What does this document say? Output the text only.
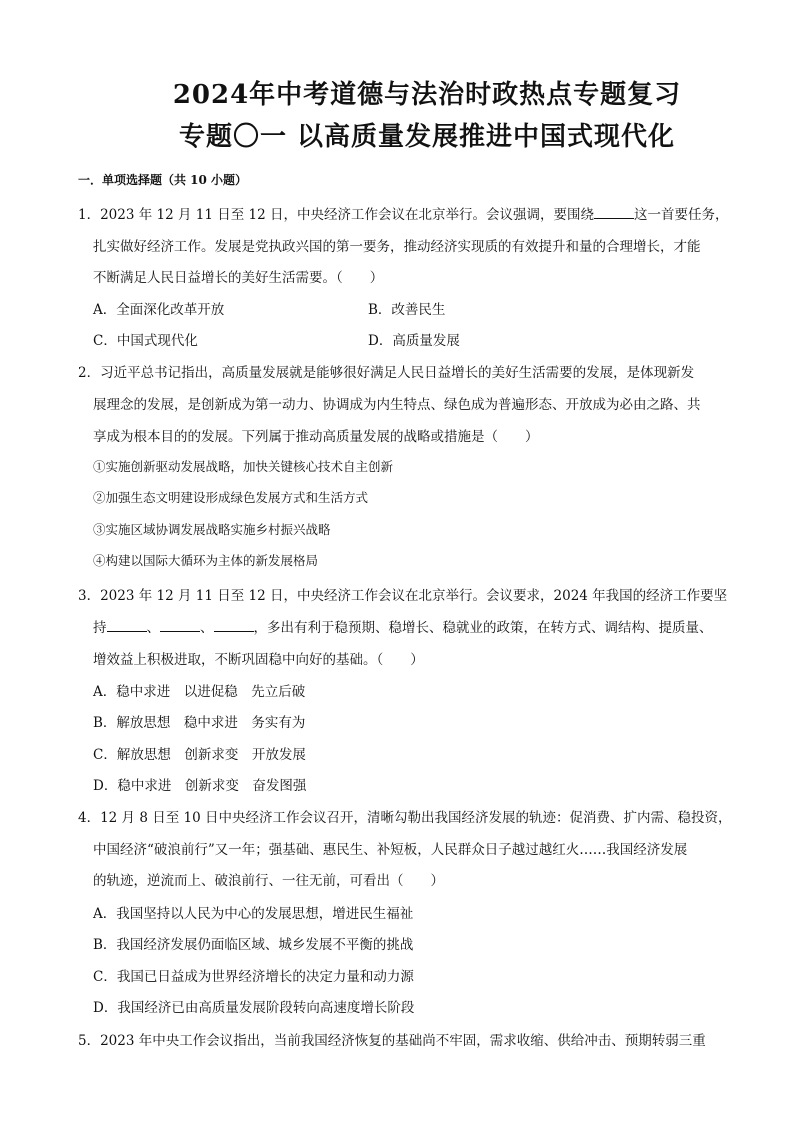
2024年中考道德与法治时政热点专题复习
专题〇一 以高质量发展推进中国式现代化
一．单项选择题（共 10 小题）
1．2023 年 12 月 11 日至 12 日，中央经济工作会议在北京举行。会议强调，要围绕	这一首要任务，
扎实做好经济工作。发展是党执政兴国的第一要务，推动经济实现质的有效提升和量的合理增长，才能
不断满足人民日益增长的美好生活需要。（　　）
A．全面深化改革开放	B．改善民生
C．中国式现代化	D．高质量发展
2．习近平总书记指出，高质量发展就是能够很好满足人民日益增长的美好生活需要的发展，是体现新发
展理念的发展，是创新成为第一动力、协调成为内生特点、绿色成为普遍形态、开放成为必由之路、共
享成为根本目的的发展。下列属于推动高质量发展的战略或措施是（　　）
①实施创新驱动发展战略，加快关键核心技术自主创新
②加强生态文明建设形成绿色发展方式和生活方式
③实施区域协调发展战略实施乡村振兴战略
④构建以国际大循环为主体的新发展格局
3．2023 年 12 月 11 日至 12 日，中央经济工作会议在北京举行。会议要求，2024 年我国的经济工作要坚
持	、	、	，多出有利于稳预期、稳增长、稳就业的政策，在转方式、调结构、提质量、
增效益上积极进取，不断巩固稳中向好的基础。（　　）
A．稳中求进　以进促稳　先立后破
B．解放思想　稳中求进　务实有为
C．解放思想　创新求变　开放发展
D．稳中求进　创新求变　奋发图强
4．12 月 8 日至 10 日中央经济工作会议召开，清晰勾勒出我国经济发展的轨迹：促消费、扩内需、稳投资，
中国经济“破浪前行”又一年；强基础、惠民生、补短板，人民群众日子越过越红火……我国经济发展
的轨迹，逆流而上、破浪前行、一往无前，可看出（　　）
A．我国坚持以人民为中心的发展思想，增进民生福祉
B．我国经济发展仍面临区域、城乡发展不平衡的挑战
C．我国已日益成为世界经济增长的决定力量和动力源
D．我国经济已由高质量发展阶段转向高速度增长阶段
5．2023 年中央工作会议指出，当前我国经济恢复的基础尚不牢固，需求收缩、供给冲击、预期转弱三重
